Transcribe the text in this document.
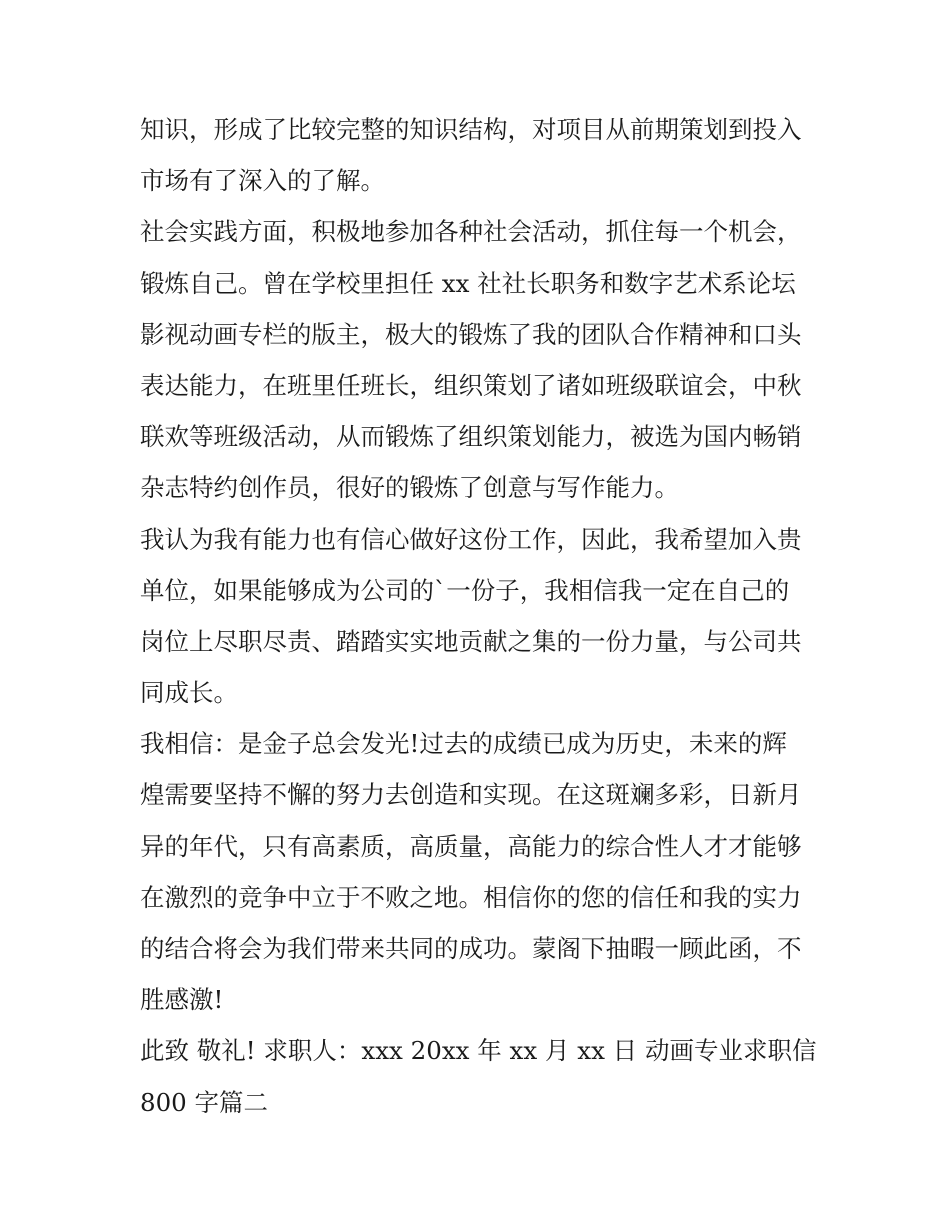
知识，形成了比较完整的知识结构，对项目从前期策划到投入
市场有了深入的了解。
社会实践方面，积极地参加各种社会活动，抓住每一个机会，
锻炼自己。曾在学校里担任 xx 社社长职务和数字艺术系论坛
影视动画专栏的版主，极大的锻炼了我的团队合作精神和口头
表达能力，在班里任班长，组织策划了诸如班级联谊会，中秋
联欢等班级活动，从而锻炼了组织策划能力，被选为国内畅销
杂志特约创作员，很好的锻炼了创意与写作能力。
我认为我有能力也有信心做好这份工作，因此，我希望加入贵
单位，如果能够成为公司的`一份子，我相信我一定在自己的
岗位上尽职尽责、踏踏实实地贡献之集的一份力量，与公司共
同成长。
我相信：是金子总会发光!过去的成绩已成为历史，未来的辉
煌需要坚持不懈的努力去创造和实现。在这斑斓多彩，日新月
异的年代，只有高素质，高质量，高能力的综合性人才才能够
在激烈的竞争中立于不败之地。相信你的您的信任和我的实力
的结合将会为我们带来共同的成功。蒙阁下抽暇一顾此函，不
胜感激!
此致 敬礼! 求职人：xxx 20xx 年 xx 月 xx 日 动画专业求职信
800 字篇二
